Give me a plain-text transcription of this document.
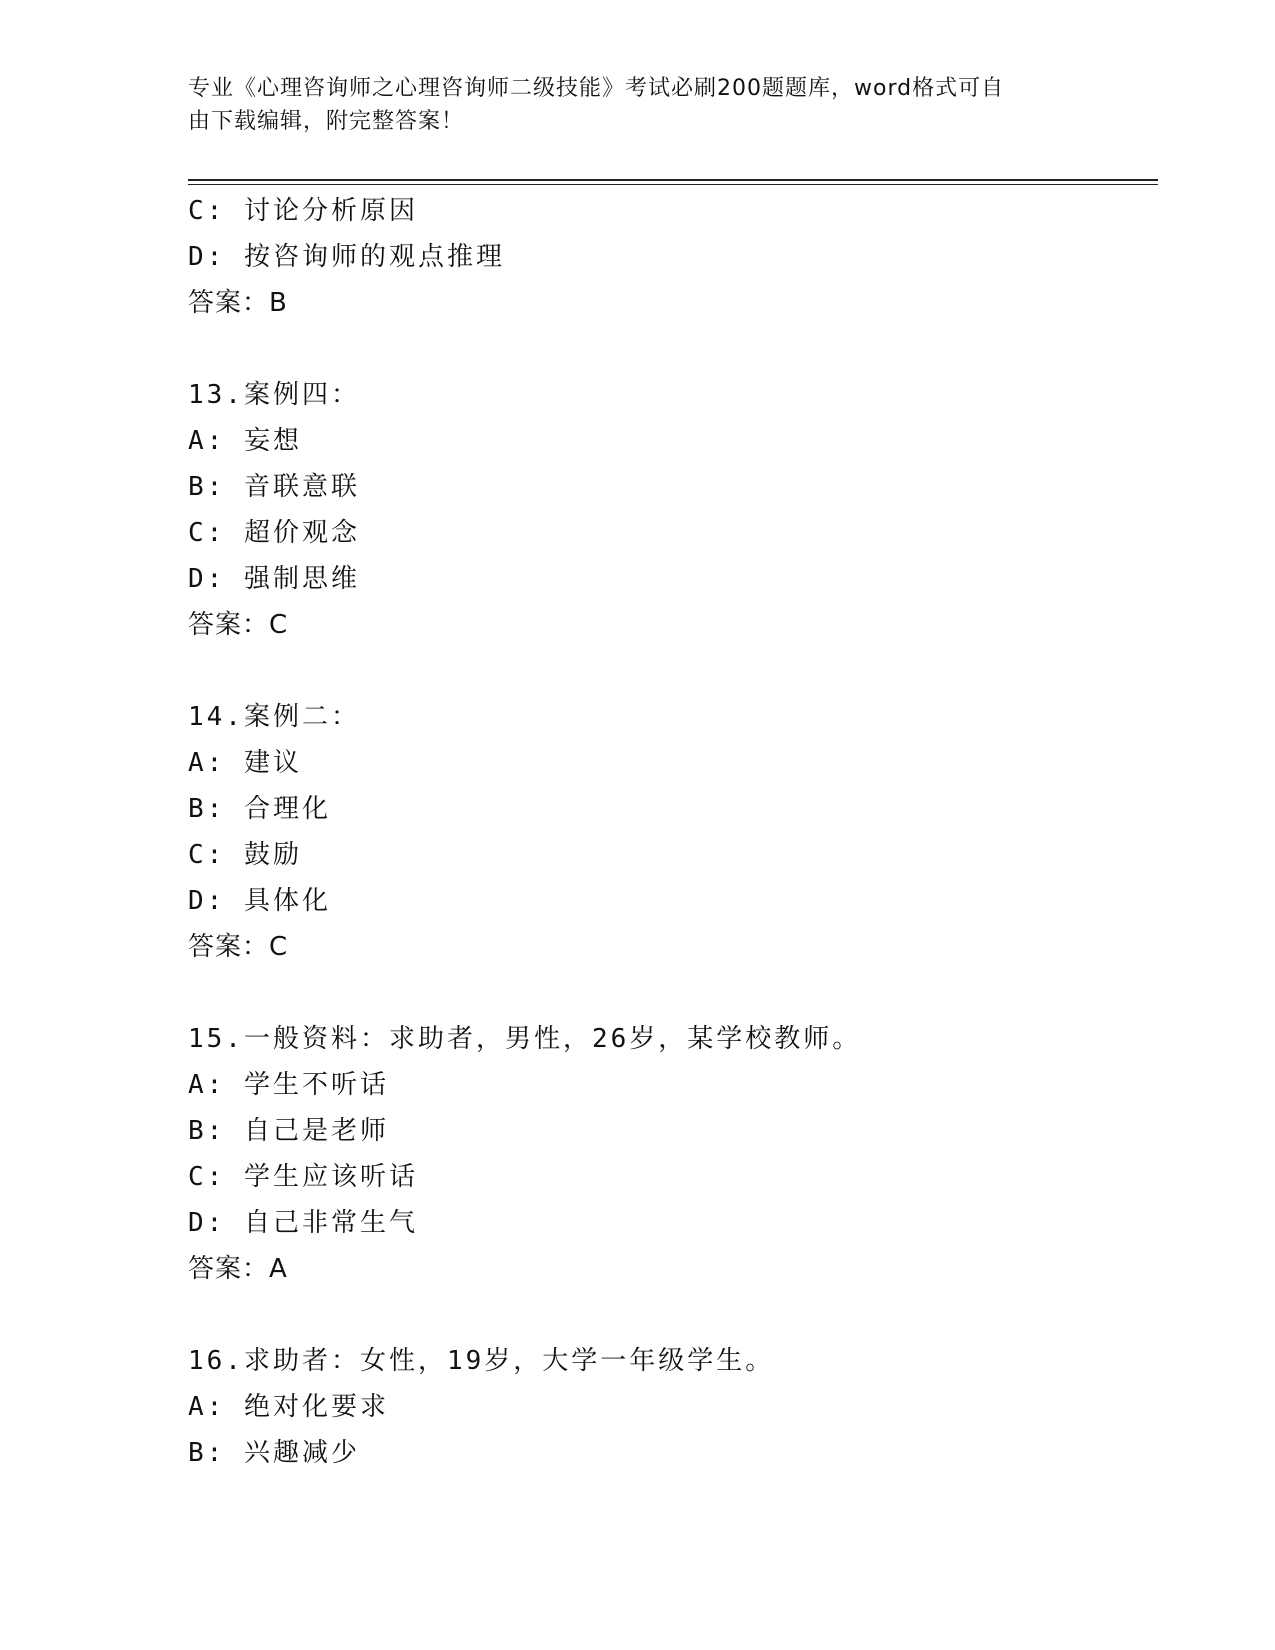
专业《心理咨询师之心理咨询师二级技能》考试必刷200题题库，word格式可自
由下载编辑，附完整答案！
C: 讨论分析原因
D: 按咨询师的观点推理
答案：B
13.案例四：
A: 妄想
B: 音联意联
C: 超价观念
D: 强制思维
答案：C
14.案例二：
A: 建议
B: 合理化
C: 鼓励
D: 具体化
答案：C
15.一般资料：求助者，男性，26岁，某学校教师。
A: 学生不听话
B: 自己是老师
C: 学生应该听话
D: 自己非常生气
答案：A
16.求助者：女性，19岁，大学一年级学生。
A: 绝对化要求
B: 兴趣减少
